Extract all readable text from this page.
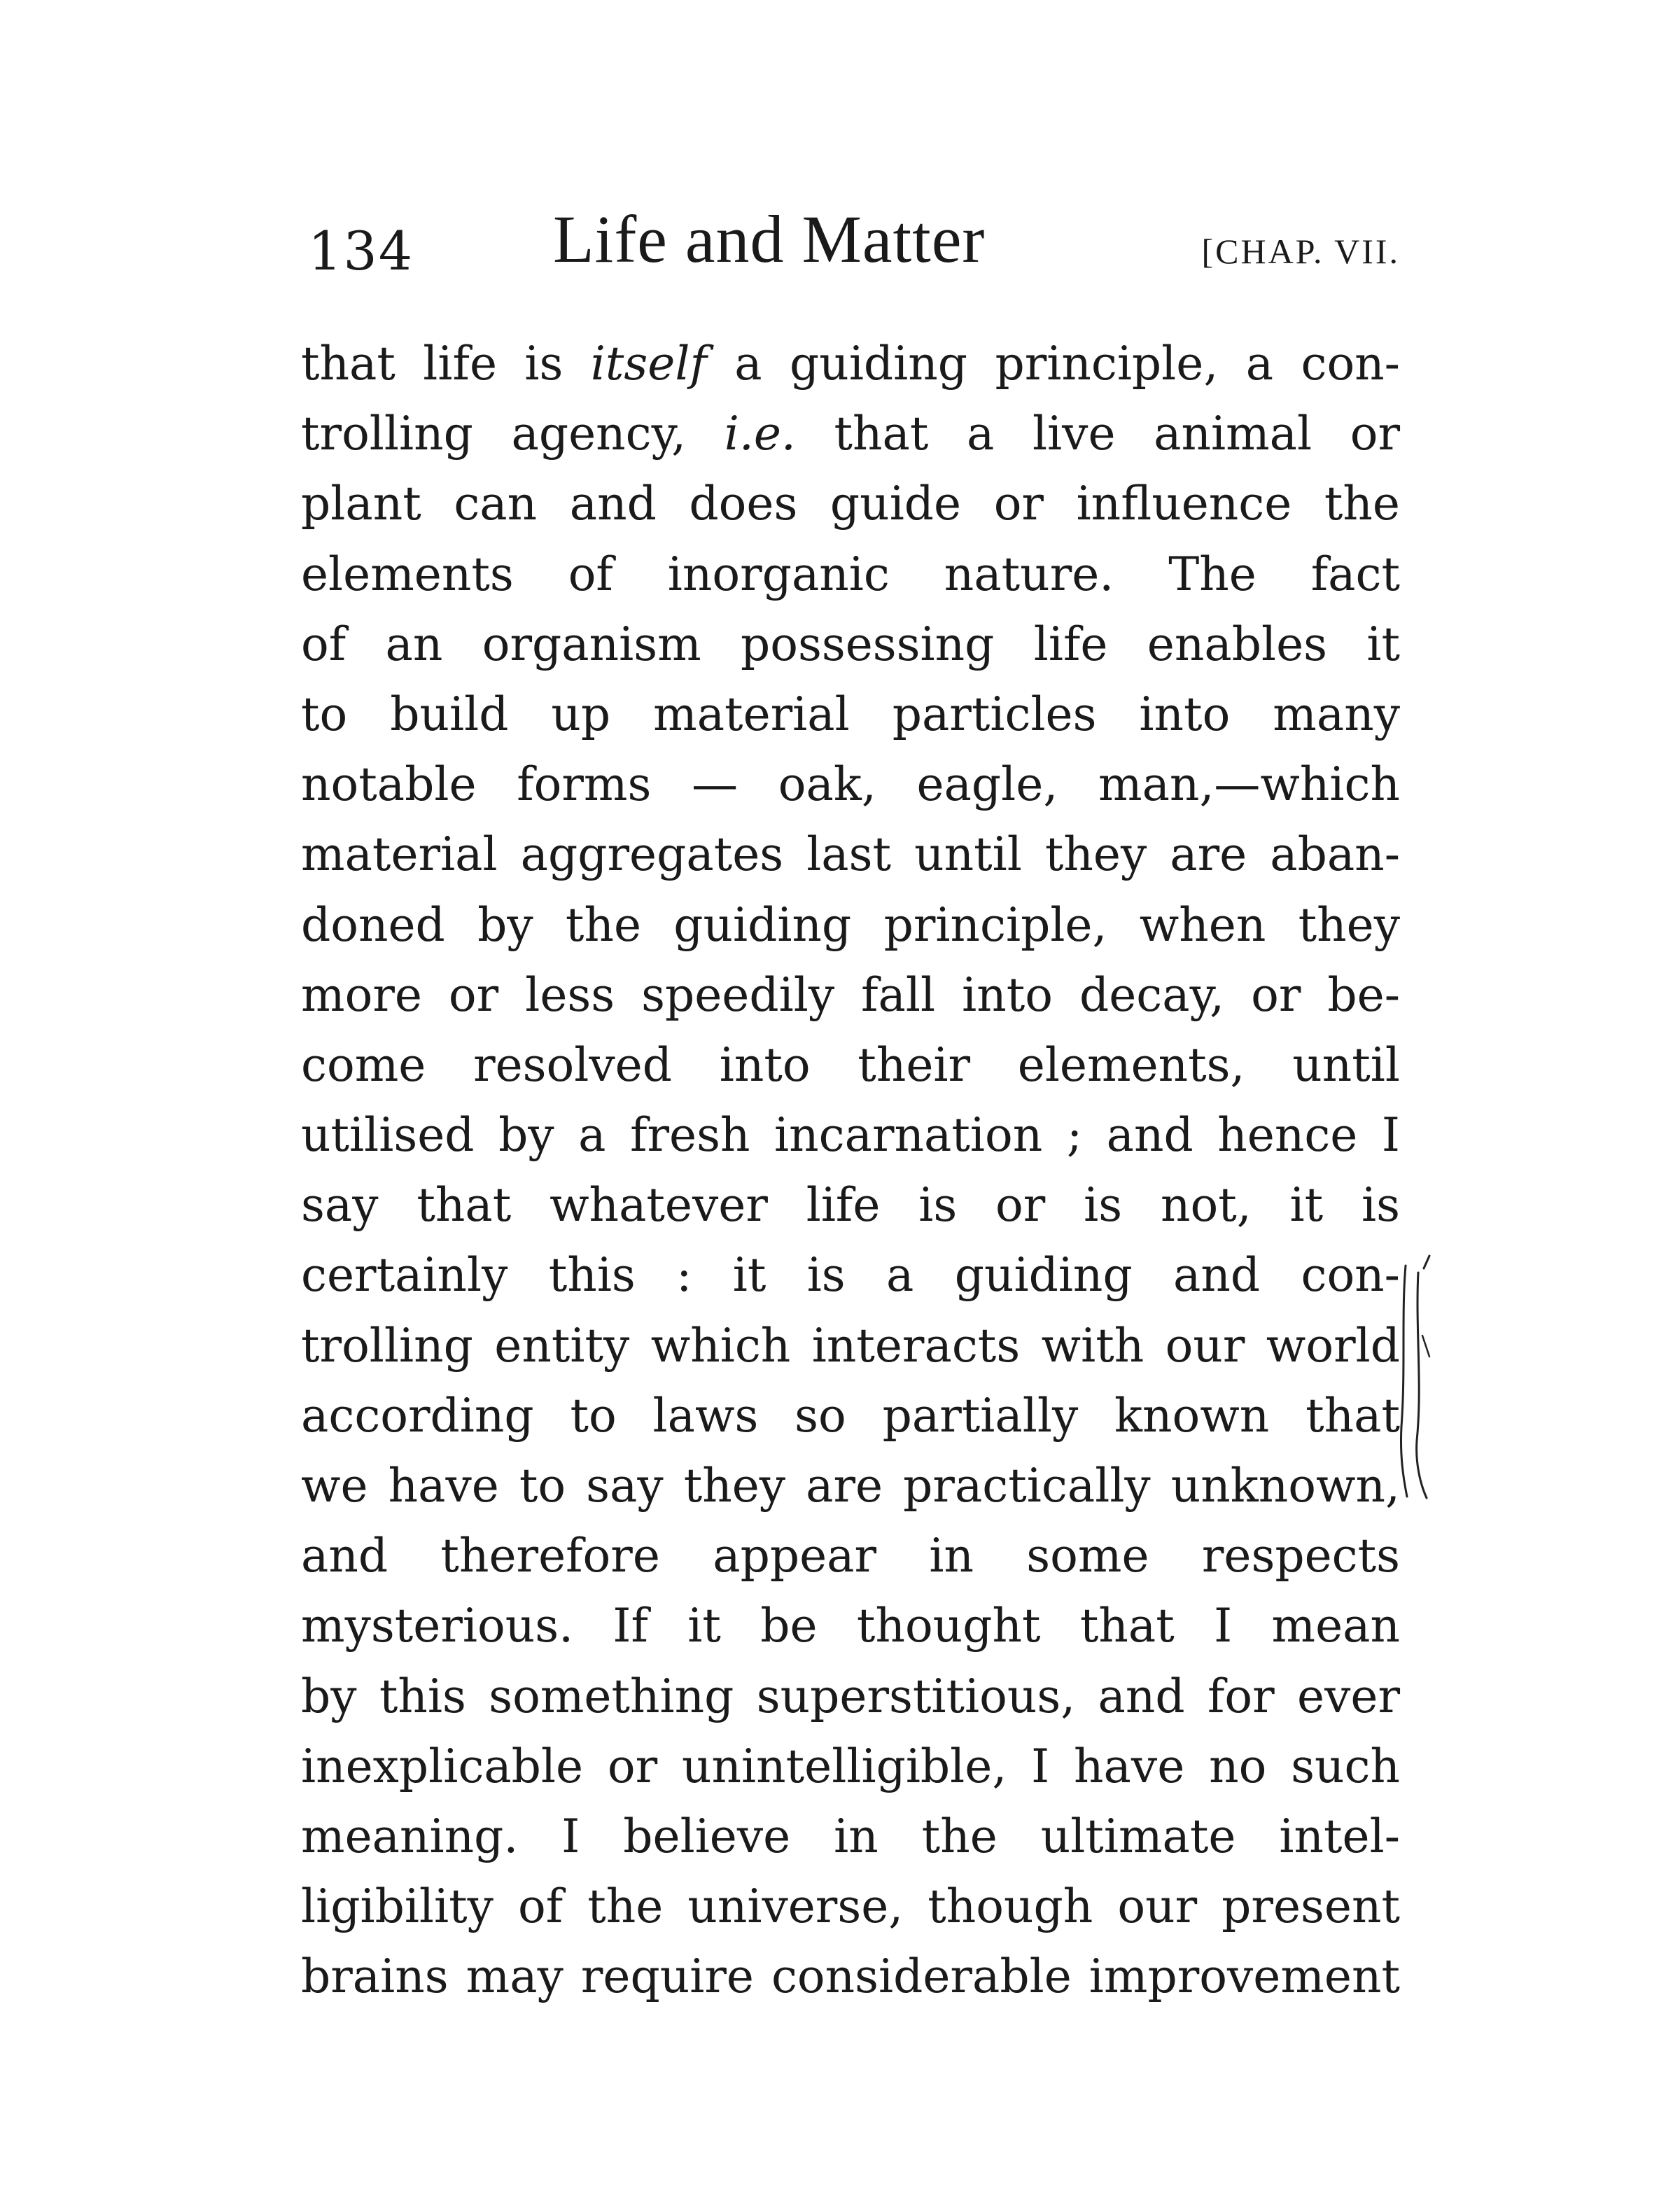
134 Life and Matter	[CHAP. VII.
that life is itself a guiding principle, a con-
trolling agency, i.e. that a live animal or
plant can and does guide or influence the
elements of inorganic nature. The fact
of an organism possessing life enables it
to build up material particles into many
notable forms — oak, eagle, man,—which
material aggregates last until they are aban-
doned by the guiding principle, when they
more or less speedily fall into decay, or be-
come resolved into their elements, until
utilised by a fresh incarnation ; and hence I
say that whatever life is or is not, it is
certainly this : it is a guiding and con-
trolling entity which interacts with our world
according to laws so partially known that
we have to say they are practically unknown,
and therefore appear in some respects
mysterious. If it be thought that I mean
by this something superstitious, and for ever
inexplicable or unintelligible, I have no such
meaning. I believe in the ultimate intel-
ligibility of the universe, though our present
brains may require considerable improvement
